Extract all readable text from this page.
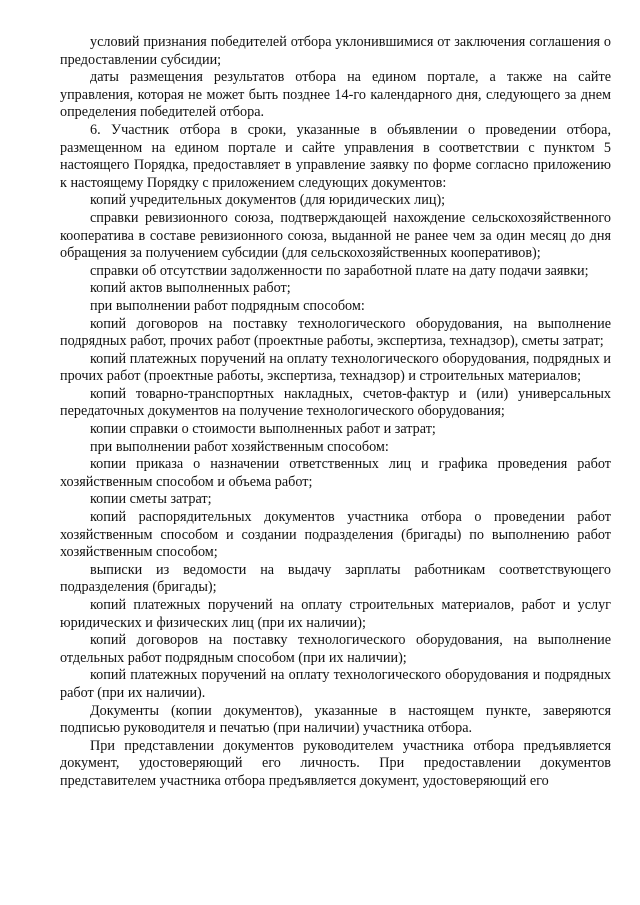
условий признания победителей отбора уклонившимися от заключения соглашения о предоставлении субсидии;

даты размещения результатов отбора на едином портале, а также на сайте управления, которая не может быть позднее 14-го календарного дня, следующего за днем определения победителей отбора.

6. Участник отбора в сроки, указанные в объявлении о проведении отбора, размещенном на едином портале и сайте управления в соответствии с пунктом 5 настоящего Порядка, предоставляет в управление заявку по форме согласно приложению к настоящему Порядку с приложением следующих документов:

копий учредительных документов (для юридических лиц);

справки ревизионного союза, подтверждающей нахождение сельскохозяйственного кооператива в составе ревизионного союза, выданной не ранее чем за один месяц до дня обращения за получением субсидии (для сельскохозяйственных кооперативов);

справки об отсутствии задолженности по заработной плате на дату подачи заявки;

копий актов выполненных работ;

при выполнении работ подрядным способом:

копий договоров на поставку технологического оборудования, на выполнение подрядных работ, прочих работ (проектные работы, экспертиза, технадзор), сметы затрат;

копий платежных поручений на оплату технологического оборудования, подрядных и прочих работ (проектные работы, экспертиза, технадзор) и строительных материалов;

копий товарно-транспортных накладных, счетов-фактур и (или) универсальных передаточных документов на получение технологического оборудования;

копии справки о стоимости выполненных работ и затрат;

при выполнении работ хозяйственным способом:

копии приказа о назначении ответственных лиц и графика проведения работ хозяйственным способом и объема работ;

копии сметы затрат;

копий распорядительных документов участника отбора о проведении работ хозяйственным способом и создании подразделения (бригады) по выполнению работ хозяйственным способом;

выписки из ведомости на выдачу зарплаты работникам соответствующего подразделения (бригады);

копий платежных поручений на оплату строительных материалов, работ и услуг юридических и физических лиц (при их наличии);

копий договоров на поставку технологического оборудования, на выполнение отдельных работ подрядным способом (при их наличии);

копий платежных поручений на оплату технологического оборудования и подрядных работ (при их наличии).

Документы (копии документов), указанные в настоящем пункте, заверяются подписью руководителя и печатью (при наличии) участника отбора.

При представлении документов руководителем участника отбора предъявляется документ, удостоверяющий его личность. При предоставлении документов представителем участника отбора предъявляется документ, удостоверяющий его
